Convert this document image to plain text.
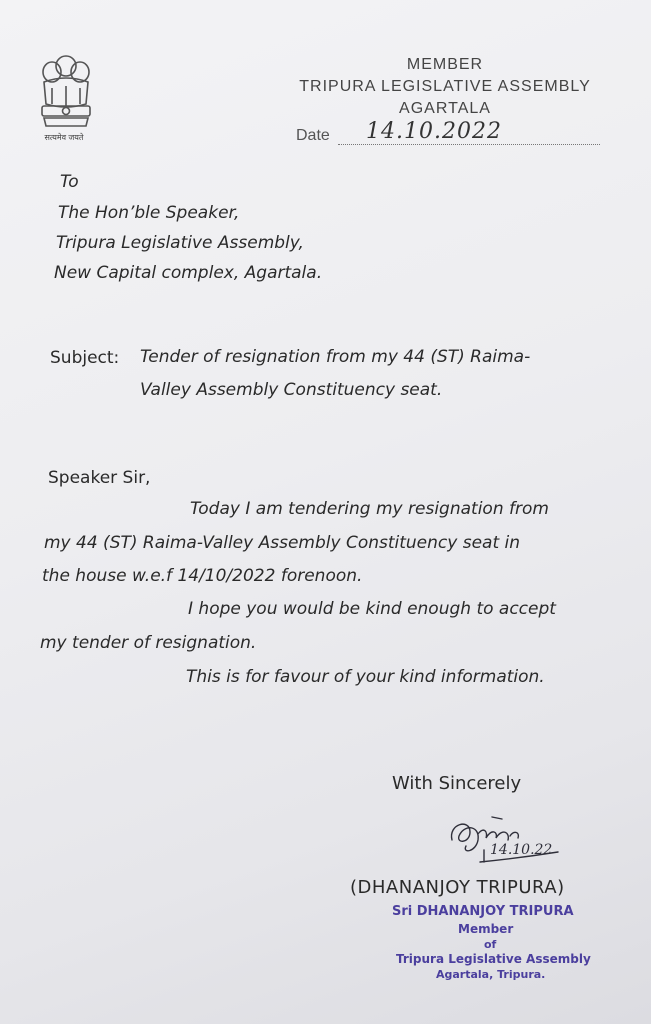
सत्यमेव जयते
MEMBER
TRIPURA LEGISLATIVE ASSEMBLY
AGARTALA
Date 14.10.2022
To
The Hon’ble Speaker,
Tripura Legislative Assembly,
New Capital complex, Agartala.
Subject: Tender of resignation from my 44 (ST) Raima-
Valley Assembly Constituency seat.
Speaker Sir,
Today I am tendering my resignation from
my 44 (ST) Raima-Valley Assembly Constituency seat in
the house w.e.f 14/10/2022 forenoon.
I hope you would be kind enough to accept
my tender of resignation.
This is for favour of your kind information.
With Sincerely
14.10.22
(DHANANJOY TRIPURA)
Sri DHANANJOY TRIPURA
Member
of
Tripura Legislative Assembly
Agartala, Tripura.
